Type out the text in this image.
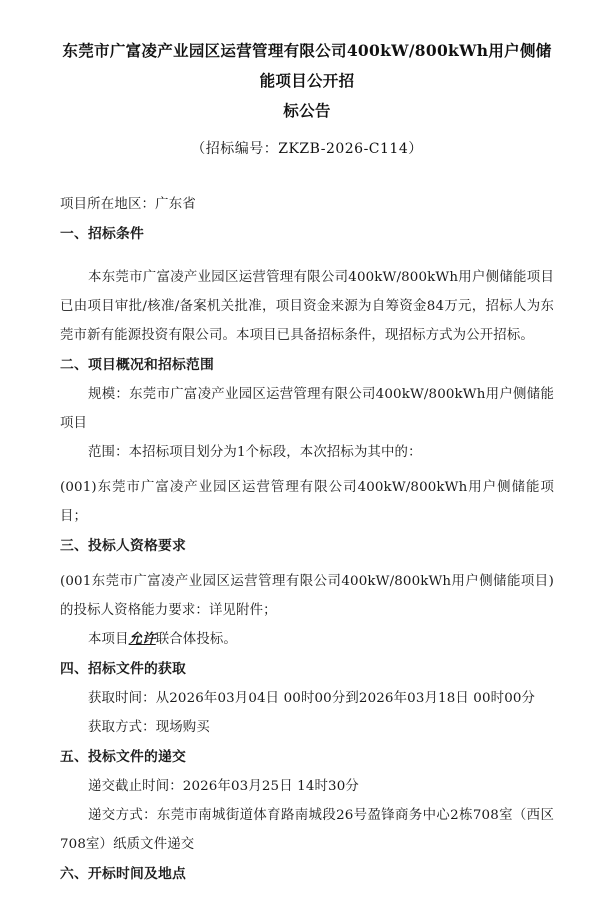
东莞市广富凌产业园区运营管理有限公司400kW/800kWh用户侧储能项目公开招
标公告
（招标编号：ZKZB-2026-C114）

项目所在地区：广东省

一、招标条件

本东莞市广富凌产业园区运营管理有限公司400kW/800kWh用户侧储能项目已由项目审批/核准/备案机关批准，项目资金来源为自筹资金84万元，招标人为东莞市新有能源投资有限公司。本项目已具备招标条件，现招标方式为公开招标。

二、项目概况和招标范围

规模：东莞市广富凌产业园区运营管理有限公司400kW/800kWh用户侧储能项目

范围：本招标项目划分为1个标段，本次招标为其中的：

(001)东莞市广富凌产业园区运营管理有限公司400kW/800kWh用户侧储能项目；

三、投标人资格要求

(001东莞市广富凌产业园区运营管理有限公司400kW/800kWh用户侧储能项目)的投标人资格能力要求：详见附件；

本项目允许联合体投标。

四、招标文件的获取

获取时间：从2026年03月04日 00时00分到2026年03月18日 00时00分

获取方式：现场购买

五、投标文件的递交

递交截止时间：2026年03月25日 14时30分

递交方式：东莞市南城街道体育路南城段26号盈锋商务中心2栋708室（西区708室）纸质文件递交

六、开标时间及地点
